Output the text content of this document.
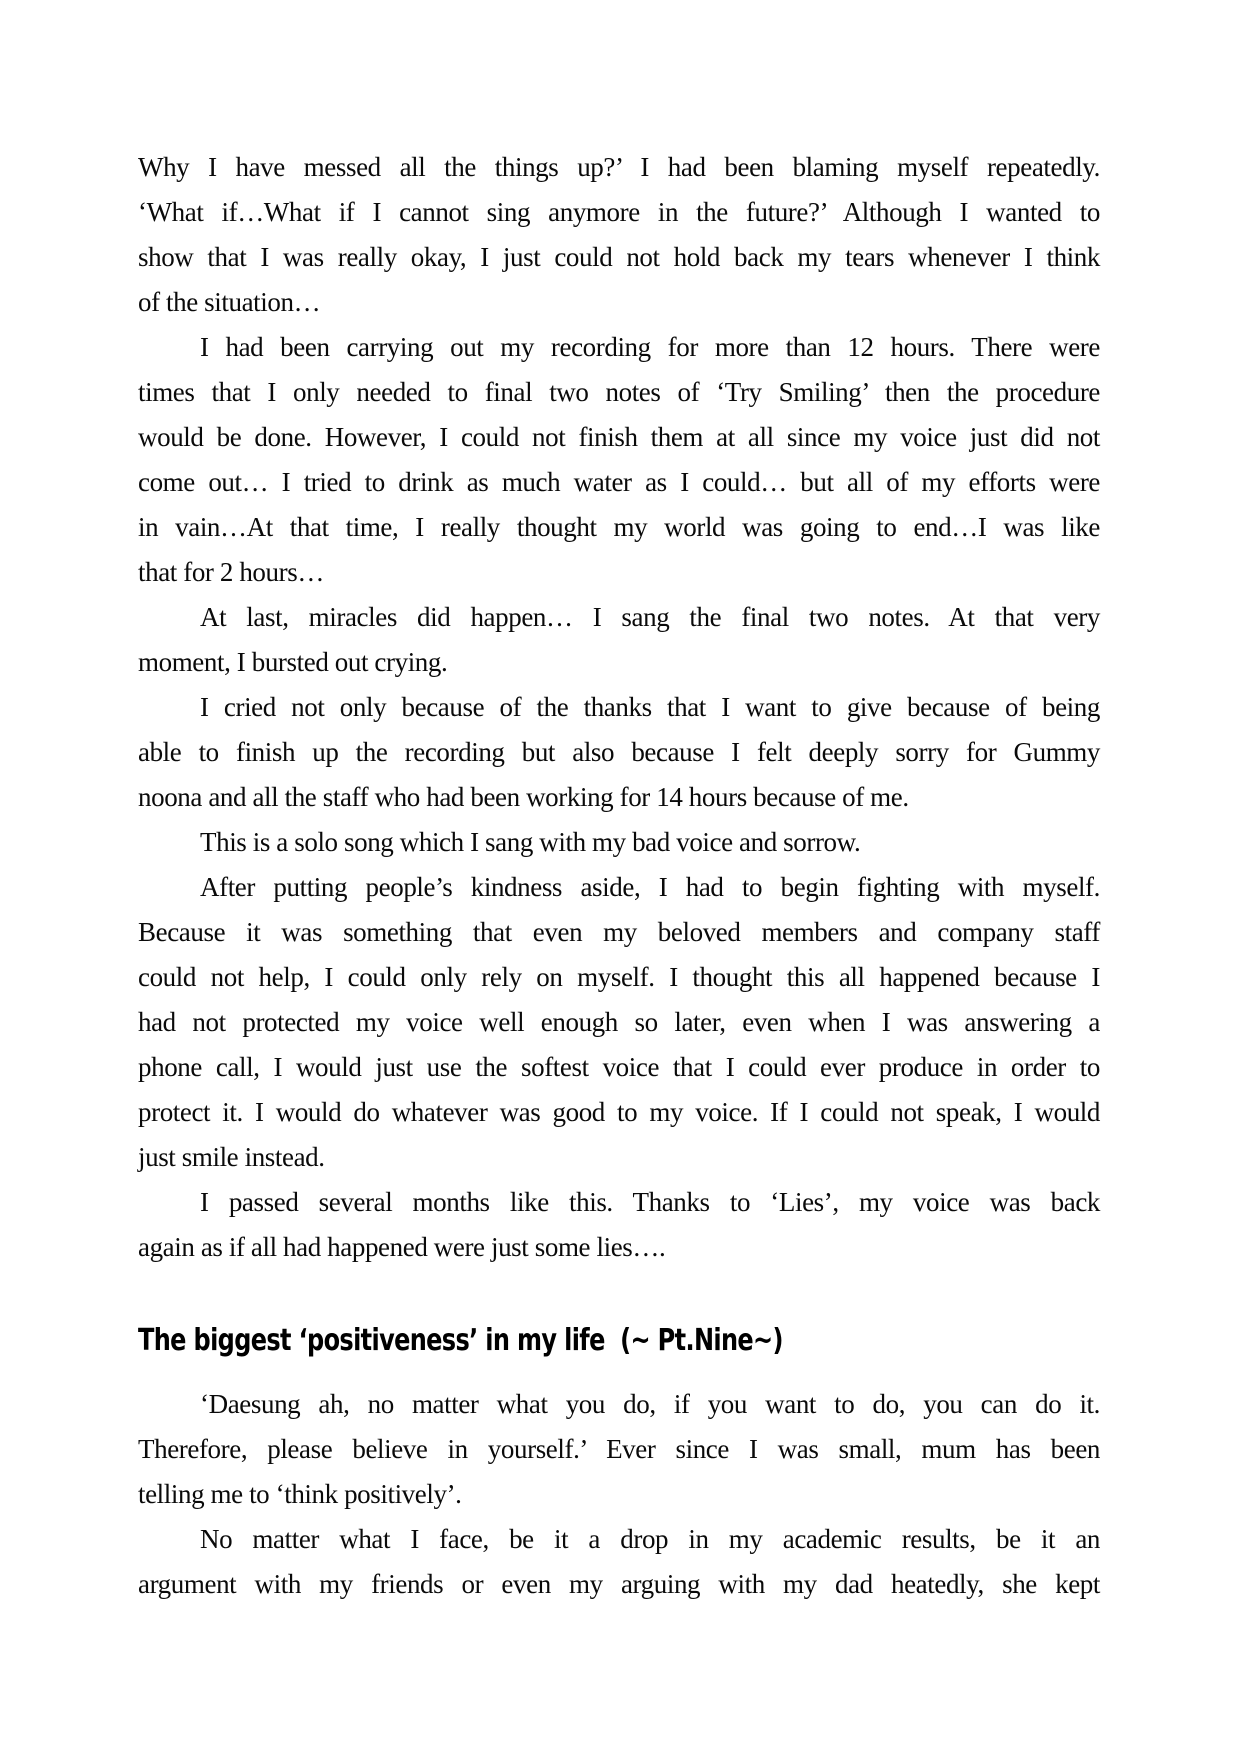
Why I have messed all the things up?’ I had been blaming myself repeatedly.
‘What if…What if I cannot sing anymore in the future?’ Although I wanted to
show that I was really okay, I just could not hold back my tears whenever I think
of the situation…
I had been carrying out my recording for more than 12 hours. There were
times that I only needed to final two notes of ‘Try Smiling’ then the procedure
would be done. However, I could not finish them at all since my voice just did not
come out… I tried to drink as much water as I could… but all of my efforts were
in vain…At that time, I really thought my world was going to end…I was like
that for 2 hours…
At last, miracles did happen… I sang the final two notes. At that very
moment, I bursted out crying.
I cried not only because of the thanks that I want to give because of being
able to finish up the recording but also because I felt deeply sorry for Gummy
noona and all the staff who had been working for 14 hours because of me.
This is a solo song which I sang with my bad voice and sorrow.
After putting people’s kindness aside, I had to begin fighting with myself.
Because it was something that even my beloved members and company staff
could not help, I could only rely on myself. I thought this all happened because I
had not protected my voice well enough so later, even when I was answering a
phone call, I would just use the softest voice that I could ever produce in order to
protect it. I would do whatever was good to my voice. If I could not speak, I would
just smile instead.
I passed several months like this. Thanks to ‘Lies’, my voice was back
again as if all had happened were just some lies….
The biggest ‘positiveness’ in my life  (~ Pt.Nine~)
‘Daesung ah, no matter what you do, if you want to do, you can do it.
Therefore, please believe in yourself.’ Ever since I was small, mum has been
telling me to ‘think positively’.
No matter what I face, be it a drop in my academic results, be it an
argument with my friends or even my arguing with my dad heatedly, she kept
